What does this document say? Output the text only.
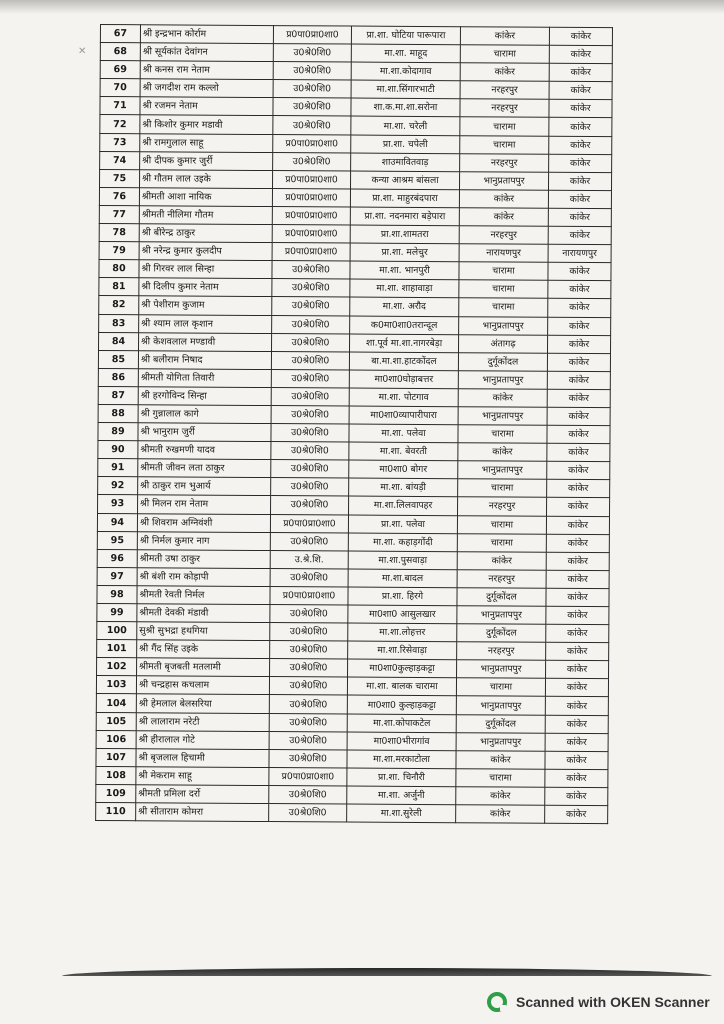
✕
67	श्री इन्द्रभान कोर्राम	प्र0पा0प्रा0शा0	प्रा.शा. घोटिया पारूपारा	कांकेर	कांकेर
68	श्री सूर्यकांत देवांगन	उ0श्रे0शि0	मा.शा. माहूद	चारामा	कांकेर
69	श्री कनस राम नेताम	उ0श्रे0शि0	मा.शा.कोदागाव	कांकेर	कांकेर
70	श्री जगदीश राम कल्लो	उ0श्रे0शि0	मा.शा.सिंगारभाटी	नरहरपुर	कांकेर
71	श्री रजमन नेताम	उ0श्रे0शि0	शा.क.मा.शा.सरोना	नरहरपुर	कांकेर
72	श्री किशोर कुमार मडावी	उ0श्रे0शि0	मा.शा. चरेली	चारामा	कांकेर
73	श्री रामगुलाल साहू	प्र0पा0प्रा0शा0	प्रा.शा. चपेली	चारामा	कांकेर
74	श्री दीपक कुमार जुर्री	उ0श्रे0शि0	शाउमावितवाड़	नरहरपुर	कांकेर
75	श्री गौतम लाल उइके	प्र0पा0प्रा0शा0	कन्या आश्रम बांसला	भानुप्रतापपुर	कांकेर
76	श्रीमती आशा नायिक	प्र0पा0प्रा0शा0	प्रा.शा. माहुरबंदपारा	कांकेर	कांकेर
77	श्रीमती नीलिमा गौतम	प्र0पा0प्रा0शा0	प्रा.शा. नदनमारा बड़ेपारा	कांकेर	कांकेर
78	श्री बीरेन्द्र ठाकुर	प्र0पा0प्रा0शा0	प्रा.शा.शामतरा	नरहरपुर	कांकेर
79	श्री नरेन्द्र कुमार कुलदीप	प्र0पा0प्रा0शा0	प्रा.शा. मलेचुर	नारायणपुर	नारायणपुर
80	श्री गिरवर लाल सिन्हा	उ0श्रे0शि0	मा.शा. भानपुरी	चारामा	कांकेर
81	श्री दिलीप कुमार नेताम	उ0श्रे0शि0	मा.शा. शाहावाड़ा	चारामा	कांकेर
82	श्री पेशीराम कुजाम	उ0श्रे0शि0	मा.शा. अरौद	चारामा	कांकेर
83	श्री श्याम लाल कृशान	उ0श्रे0शि0	क0मा0शा0तरान्दूल	भानुप्रतापपुर	कांकेर
84	श्री केशवलाल मण्डावी	उ0श्रे0शि0	शा.पूर्व मा.शा.नागरबेड़ा	अंतागढ़	कांकेर
85	श्री बलीराम निषाद	उ0श्रे0शि0	बा.मा.शा.हाटकोंदल	दुर्गूकोंदल	कांकेर
86	श्रीमती योगिता तिवारी	उ0श्रे0शि0	मा0शा0घोड़ाबत्तर	भानुप्रतापपुर	कांकेर
87	श्री हरगोविन्द सिन्हा	उ0श्रे0शि0	मा.शा. पोटगाव	कांकेर	कांकेर
88	श्री गुन्नालाल कागे	उ0श्रे0शि0	मा0शा0व्यापारीपारा	भानुप्रतापपुर	कांकेर
89	श्री भानुराम जुर्री	उ0श्रे0शि0	मा.शा. पलेवा	चारामा	कांकेर
90	श्रीमती रुखमणी यादव	उ0श्रे0शि0	मा.शा. बेवरती	कांकेर	कांकेर
91	श्रीमती जीवन लता ठाकुर	उ0श्रे0शि0	मा0शा0 बोगर	भानुप्रतापपुर	कांकेर
92	श्री ठाकुर राम भुआर्य	उ0श्रे0शि0	मा.शा. बांयड़ी	चारामा	कांकेर
93	श्री मिलन राम नेताम	उ0श्रे0शि0	मा.शा.लिलवापहर	नरहरपुर	कांकेर
94	श्री शिवराम अग्निवंशी	प्र0पा0प्रा0शा0	प्रा.शा. पलेवा	चारामा	कांकेर
95	श्री निर्मल कुमार नाग	उ0श्रे0शि0	मा.शा. कहाड़गोंदी	चारामा	कांकेर
96	श्रीमती उषा ठाकुर	उ.श्रे.शि.	मा.शा.पुसवाड़ा	कांकेर	कांकेर
97	श्री बंशी राम कोड़ापी	उ0श्रे0शि0	मा.शा.बादल	नरहरपुर	कांकेर
98	श्रीमती रेवती निर्मल	प्र0पा0प्रा0शा0	प्रा.शा. हिरगे	दुर्गूकोंदल	कांकेर
99	श्रीमती देवकी मंडावी	उ0श्रे0शि0	मा0शा0 आसुलखार	भानुप्रतापपुर	कांकेर
100	सुश्री सुभद्रा हथगिया	उ0श्रे0शि0	मा.शा.लोहत्तर	दुर्गूकोंदल	कांकेर
101	श्री गैंद सिंह उइके	उ0श्रे0शि0	मा.शा.रिसेवाड़ा	नरहरपुर	कांकेर
102	श्रीमती बृजबती मतलामी	उ0श्रे0शि0	मा0शा0कुल्हाड़कट्टा	भानुप्रतापपुर	कांकेर
103	श्री चन्द्रहास कचलाम	उ0श्रे0शि0	मा.शा. बालक चारामा	चारामा	कांकेर
104	श्री हेमलाल बेलसरिया	उ0श्रे0शि0	मा0शा0 कुल्हाड़कट्टा	भानुप्रतापपुर	कांकेर
105	श्री लालाराम नरेटी	उ0श्रे0शि0	मा.शा.कोपाकटेल	दुर्गूकोंदल	कांकेर
106	श्री हीरालाल गोटे	उ0श्रे0शि0	मा0शा0भीरागांव	भानुप्रतापपुर	कांकेर
107	श्री बृजलाल हिचामी	उ0श्रे0शि0	मा.शा.मरकाटोला	कांकेर	कांकेर
108	श्री मेकराम साहू	प्र0पा0प्रा0शा0	प्रा.शा. चिनौरी	चारामा	कांकेर
109	श्रीमती प्रमिला दर्रो	उ0श्रे0शि0	मा.शा. अर्जुनी	कांकेर	कांकेर
110	श्री सीताराम कोमरा	उ0श्रे0शि0	मा.शा.सुरेली	कांकेर	कांकेर
Scanned with OKEN Scanner
